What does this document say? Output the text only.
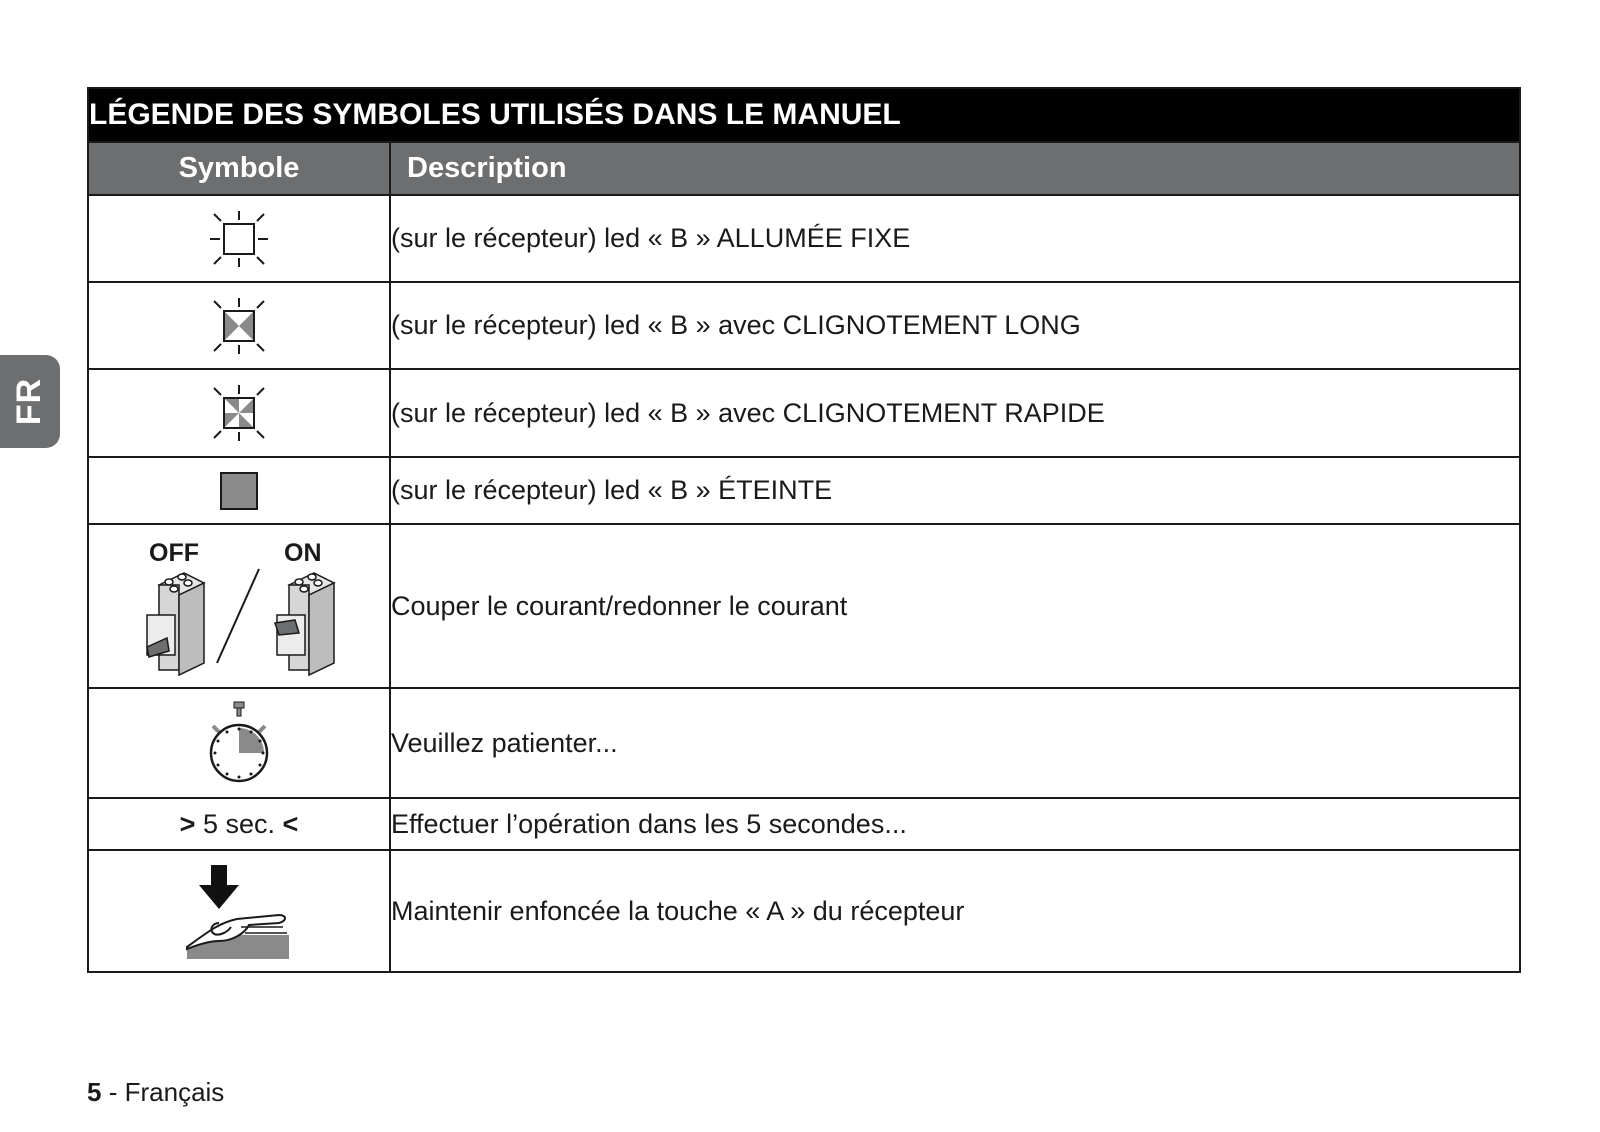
FR
LÉGENDE DES SYMBOLES UTILISÉS DANS LE MANUEL	
Symbole	Description

	(sur le récepteur) led « B » ALLUMÉE FIXE

	(sur le récepteur) led « B » avec CLIGNOTEMENT LONG

	(sur le récepteur) led « B » avec CLIGNOTEMENT RAPIDE

	(sur le récepteur) led « B » ÉTEINTE

OFF ON	Couper le courant/redonner le courant

	Veuillez patienter...
> 5 sec. <	Effectuer l’opération dans les 5 secondes...

	Maintenir enfoncée la touche « A » du récepteur
5 - Français
